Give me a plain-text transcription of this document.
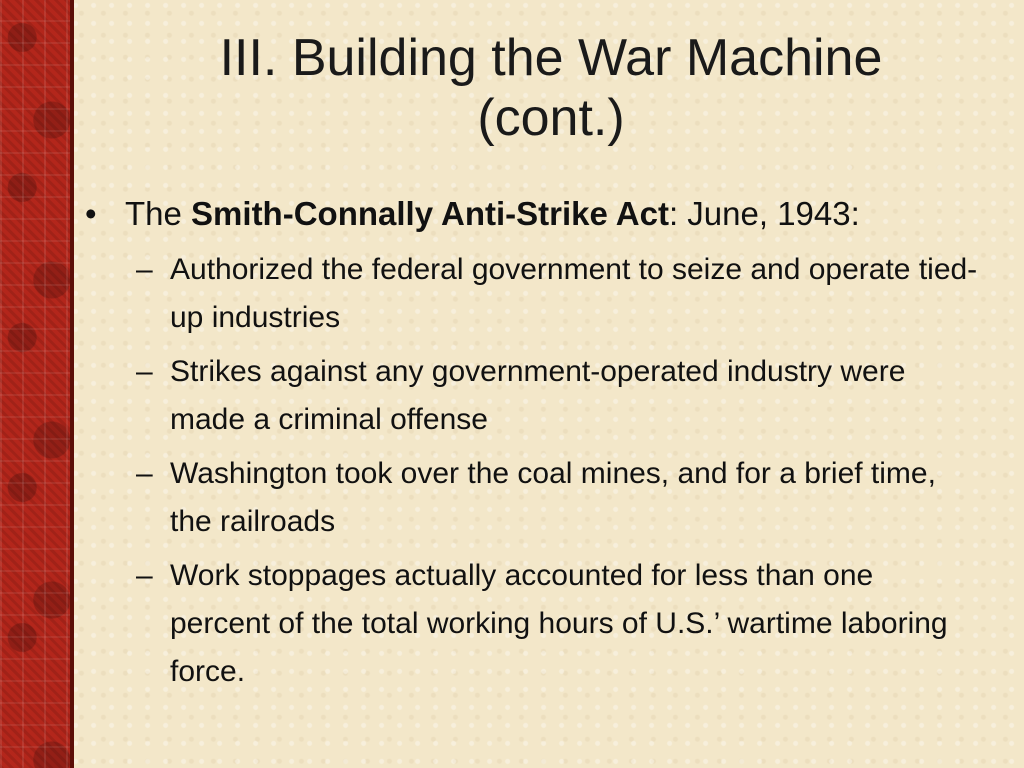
III. Building the War Machine
(cont.)
• The Smith-Connally Anti-Strike Act: June, 1943:
– Authorized the federal government to seize and operate tied-up industries
– Strikes against any government-operated industry were made a criminal offense
– Washington took over the coal mines, and for a brief time, the railroads
– Work stoppages actually accounted for less than one percent of the total working hours of U.S.’ wartime laboring force.
